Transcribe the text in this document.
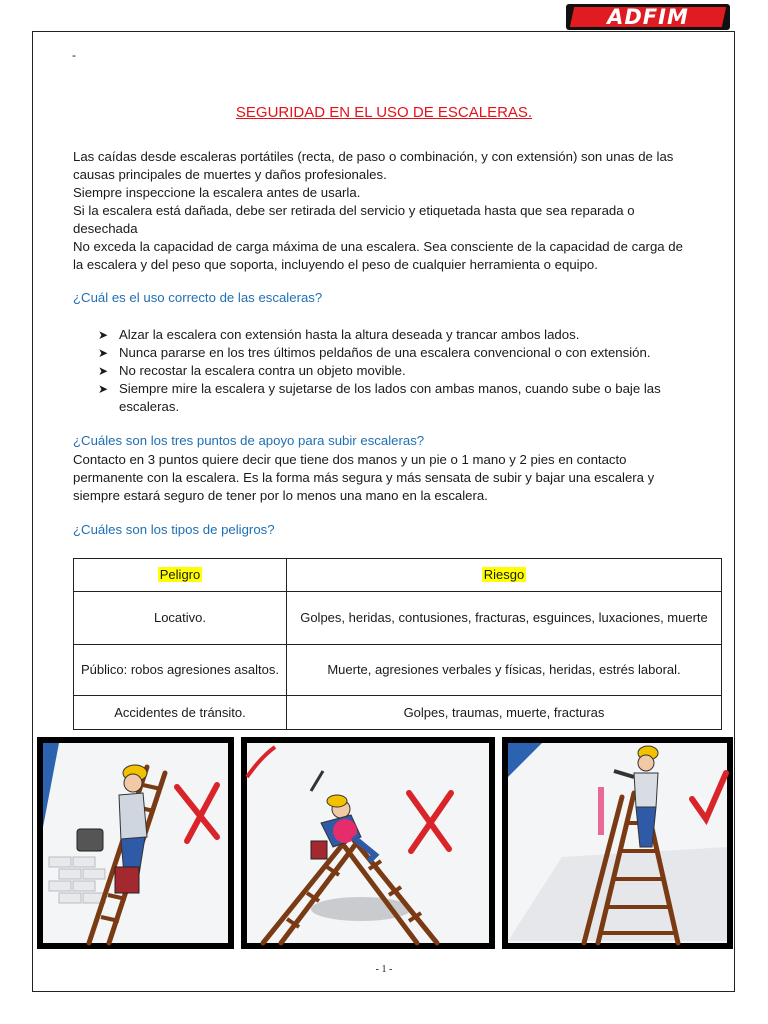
ADFIM
-
SEGURIDAD EN EL USO DE ESCALERAS.
Las caídas desde escaleras portátiles (recta, de paso o combinación, y con extensión) son unas de las causas principales de muertes y daños profesionales.
Siempre inspeccione la escalera antes de usarla.
Si la escalera está dañada, debe ser retirada del servicio y etiquetada hasta que sea reparada o desechada
No exceda la capacidad de carga máxima de una escalera. Sea consciente de la capacidad de carga de la escalera y del peso que soporta, incluyendo el peso de cualquier herramienta o equipo.
¿Cuál es el uso correcto de las escaleras?
➤ Alzar la escalera con extensión hasta la altura deseada y trancar ambos lados.
➤ Nunca pararse en los tres últimos peldaños de una escalera convencional o con extensión.
➤ No recostar la escalera contra un objeto movible.
➤ Siempre mire la escalera y sujetarse de los lados con ambas manos, cuando sube o baje las escaleras.
¿Cuáles son los tres puntos de apoyo para subir escaleras?
Contacto en 3 puntos quiere decir que tiene dos manos y un pie o 1 mano y 2 pies en contacto permanente con la escalera. Es la forma más segura y más sensata de subir y bajar una escalera y siempre estará seguro de tener por lo menos una mano en la escalera.
¿Cuáles son los tipos de peligros?
Peligro	Riesgo
Locativo.	Golpes, heridas, contusiones, fracturas, esguinces, luxaciones, muerte
Público: robos agresiones asaltos.	Muerte, agresiones verbales y físicas, heridas, estrés laboral.
Accidentes de tránsito.	Golpes, traumas, muerte, fracturas
- 1 -
